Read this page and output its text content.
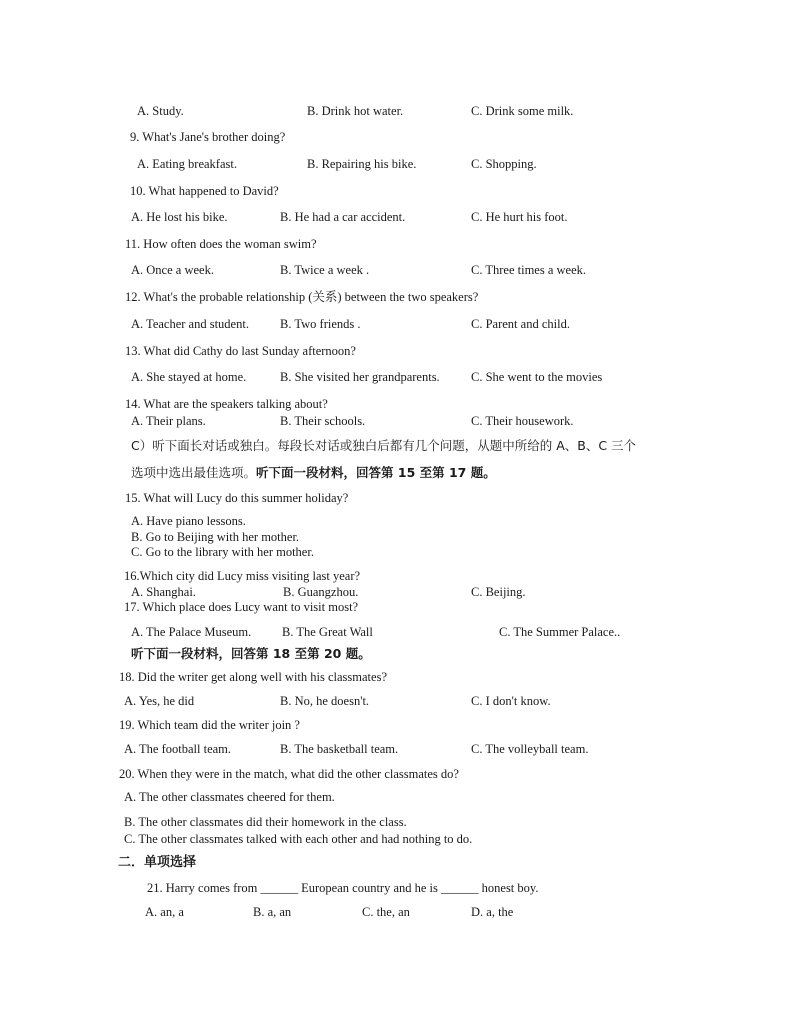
A. Study.	B. Drink hot water.	C. Drink some milk.
9. What's Jane's brother doing?
A. Eating breakfast.	B. Repairing his bike.	C. Shopping.
10. What happened to David?
A. He lost his bike.	B. He had a car accident.	C. He hurt his foot.
11. How often does the woman swim?
A. Once a week.	B. Twice a week .	C. Three times a week.
12. What's the probable relationship (关系) between the two speakers?
A. Teacher and student. B. Two friends .	C. Parent and child.
13. What did Cathy do last Sunday afternoon?
A. She stayed at home.	B. She visited her grandparents.	C. She went to the movies
14. What are the speakers talking about?
A. Their plans.	B. Their schools.	C. Their housework.
C）听下面长对话或独白。每段长对话或独白后都有几个问题，从题中所给的 A、B、C 三个
选项中选出最佳选项。听下面一段材料，回答第 15 至第 17 题。
15. What will Lucy do this summer holiday?
A. Have piano lessons.
B. Go to Beijing with her mother.
C. Go to the library with her mother.
16.Which city did Lucy miss visiting last year?
A. Shanghai.	B. Guangzhou.	C. Beijing.
17. Which place does Lucy want to visit most?
A. The Palace Museum. B. The Great Wall	C. The Summer Palace..
听下面一段材料，回答第 18 至第 20 题。
18. Did the writer get along well with his classmates?
A. Yes, he did	B. No, he doesn't.	C. I don't know.
19. Which team did the writer join ?
A. The football team.	B. The basketball team.	C. The volleyball team.
20. When they were in the match, what did the other classmates do?
A. The other classmates cheered for them.
B. The other classmates did their homework in the class.
C. The other classmates talked with each other and had nothing to do.
二．单项选择
21. Harry comes from ______ European country and he is ______ honest boy.
A. an, a	B. a, an	C. the, an	D. a, the
